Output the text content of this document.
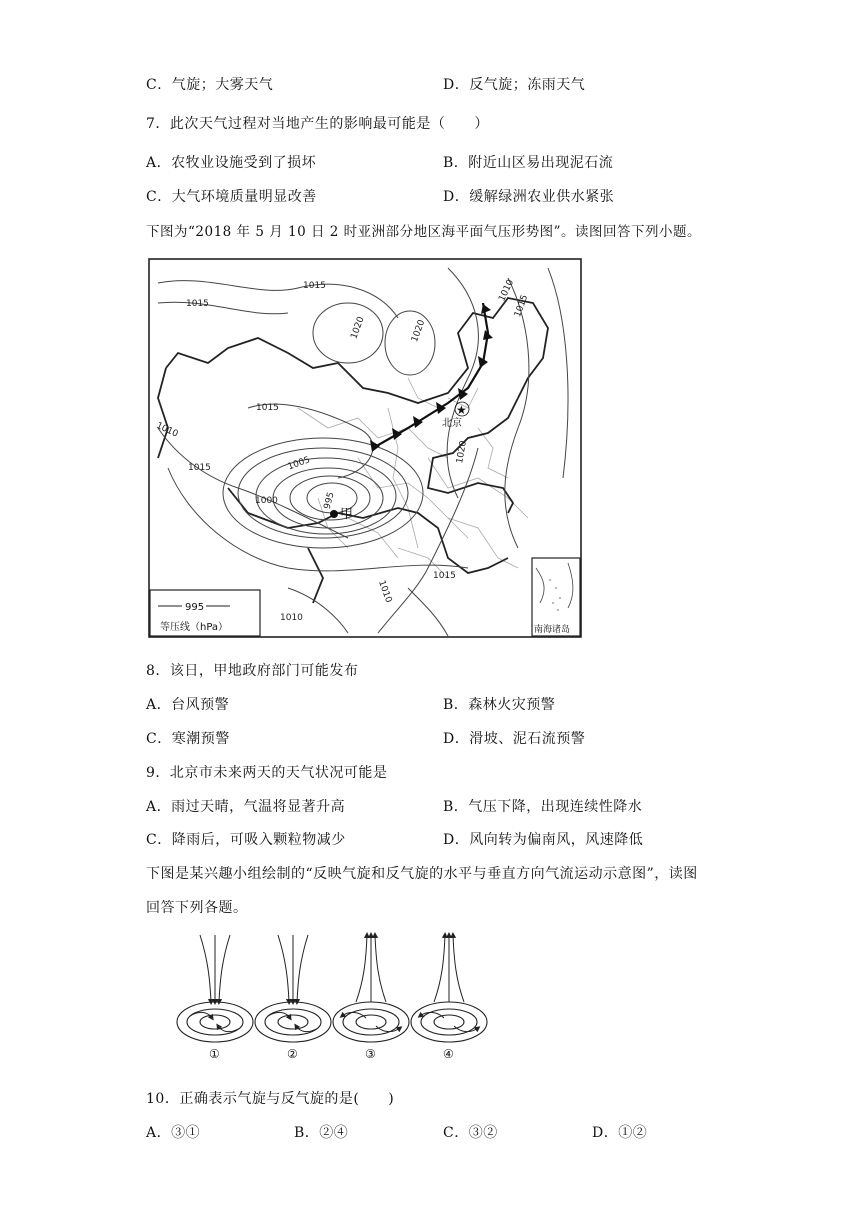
C．气旋；大雾天气	D．反气旋；冻雨天气
7．此次天气过程对当地产生的影响最可能是（　　）
A．农牧业设施受到了损坏	B．附近山区易出现泥石流
C．大气环境质量明显改善	D．缓解绿洲农业供水紧张
下图为“2018 年 5 月 10 日 2 时亚洲部分地区海平面气压形势图”。读图回答下列小题。
★
北京
甲
1015
1015
1020	1020
1010
1015
1015
1010
1015	1005
1000	995
1020
1015
1010
1010
995
等压线（hPa）	南海诸岛
8．该日，甲地政府部门可能发布
A．台风预警	B．森林火灾预警
C．寒潮预警	D．滑坡、泥石流预警
9．北京市未来两天的天气状况可能是
A．雨过天晴，气温将显著升高	B．气压下降，出现连续性降水
C．降雨后，可吸入颗粒物减少	D．风向转为偏南风，风速降低
下图是某兴趣小组绘制的“反映气旋和反气旋的水平与垂直方向气流运动示意图”，读图
回答下列各题。
①	②	③	④
10．正确表示气旋与反气旋的是(　　)
A．③①	B．②④	C．③②	D．①②
